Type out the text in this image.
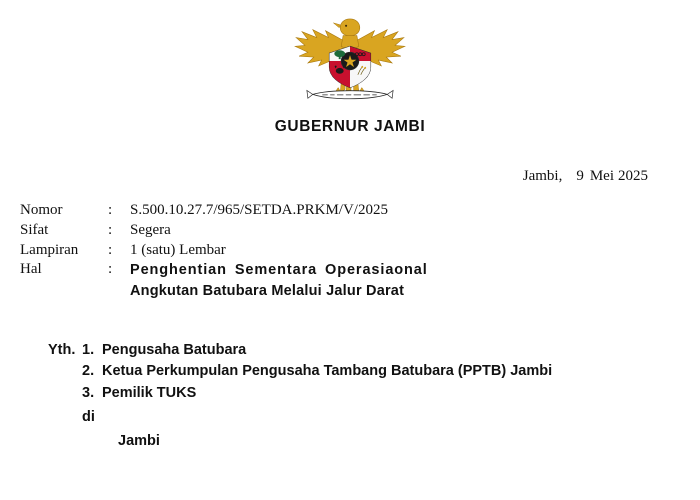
GUBERNUR JAMBI
Jambi, 9 Mei 2025
Nomor	:	S.500.10.27.7/965/SETDA.PRKM/V/2025
Sifat	:	Segera
Lampiran	:	1 (satu) Lembar
Hal	:	Penghentian Sementara Operasiaonal
Angkutan Batubara Melalui Jalur Darat
Yth. 1. Pengusaha Batubara
2. Ketua Perkumpulan Pengusaha Tambang Batubara (PPTB) Jambi
3. Pemilik TUKS
di
Jambi
